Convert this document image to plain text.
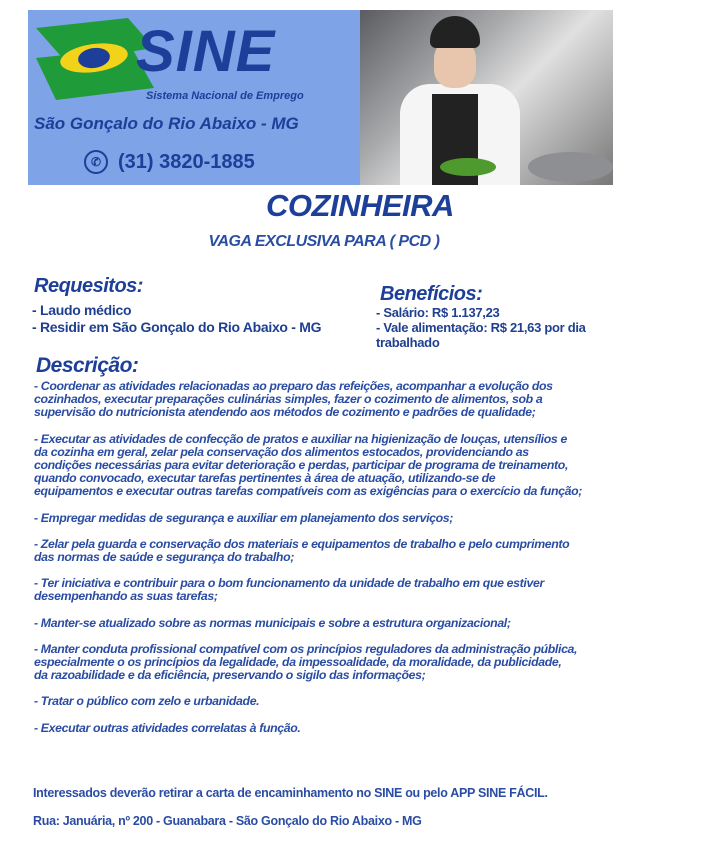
SINE
Sistema Nacional de Emprego
São Gonçalo do Rio Abaixo - MG
✆ (31) 3820-1885
COZINHEIRA
VAGA EXCLUSIVA PARA ( PCD )
Requesitos:
- Laudo médico
- Residir em São Gonçalo do Rio Abaixo - MG
Benefícios:
- Salário: R$ 1.137,23
- Vale alimentação: R$ 21,63 por dia
trabalhado
Descrição:

- Coordenar as atividades relacionadas ao preparo das refeições, acompanhar a evolução dos
cozinhados, executar preparações culinárias simples, fazer o cozimento de alimentos, sob a
supervisão do nutricionista atendendo aos métodos de cozimento e padrões de qualidade;

- Executar as atividades de confecção de pratos e auxiliar na higienização de louças, utensílios e
da cozinha em geral, zelar pela conservação dos alimentos estocados, providenciando as
condições necessárias para evitar deterioração e perdas, participar de programa de treinamento,
quando convocado, executar tarefas pertinentes à área de atuação, utilizando-se de
equipamentos e executar outras tarefas compatíveis com as exigências para o exercício da função;

- Empregar medidas de segurança e auxiliar em planejamento dos serviços;

- Zelar pela guarda e conservação dos materiais e equipamentos de trabalho e pelo cumprimento
das normas de saúde e segurança do trabalho;

- Ter iniciativa e contribuir para o bom funcionamento da unidade de trabalho em que estiver
desempenhando as suas tarefas;

- Manter-se atualizado sobre as normas municipais e sobre a estrutura organizacional;

- Manter conduta profissional compatível com os princípios reguladores da administração pública,
especialmente o os princípios da legalidade, da impessoalidade, da moralidade, da publicidade,
da razoabilidade e da eficiência, preservando o sigilo das informações;

- Tratar o público com zelo e urbanidade.

- Executar outras atividades correlatas à função.

Interessados deverão retirar a carta de encaminhamento no SINE ou pelo APP SINE FÁCIL.
Rua: Januária, nº 200 - Guanabara - São Gonçalo do Rio Abaixo - MG
